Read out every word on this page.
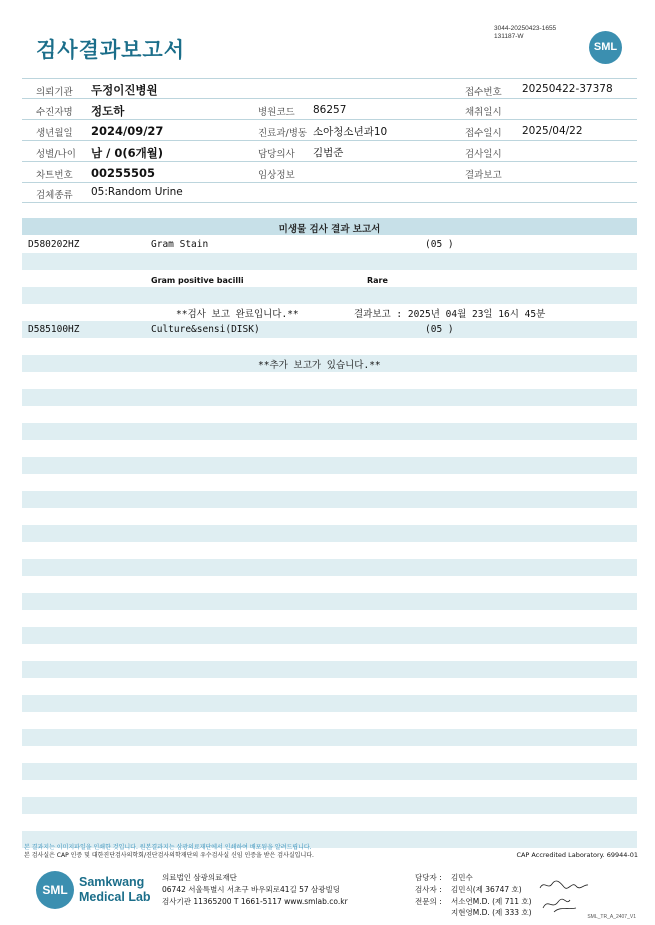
검사결과보고서
3044-20250423-1655
131187-W
SML
의뢰기관 두정이진병원	접수번호 20250422-37378
수진자명 정도하	병원코드 86257	채취일시
생년월일 2024/09/27	진료과/병동 소아청소년과10	접수일시 2025/04/22
성별/나이 남 / 0(6개월)	담당의사 김범준	검사일시
차트번호 00255505	임상정보	결과보고
검체종류 05:Random Urine
미생물 검사 결과 보고서
D580202HZ	Gram Stain	(05 )
Gram positive bacilli	Rare
**검사 보고 완료입니다.**	결과보고 : 2025년 04월 23일 16시 45분
D585100HZ	Culture&sensi(DISK)	(05 )
**추가 보고가 있습니다.**
본 결과지는 이미지파일을 인쇄한 것입니다. 원본결과지는 삼광의료재단에서 인쇄하여 배포됨을 알려드립니다.
본 검사실은 CAP 인증 및 대한진단검사의학회/진단검사의학재단의 우수검사실 신임 인증을 받은 검사실입니다.	CAP Accredited Laboratory. 69944-01
SML
Samkwang
Medical Lab
의료법인 삼광의료재단
06742 서울특별시 서초구 바우뫼로41길 57 삼광빌딩
검사기관 11365200 T 1661-5117 www.smlab.co.kr
담당자 : 김민수
검사자 : 김민식(제 36747 호)
전문의 : 서소연M.D. (제 711 호)
지현영M.D. (제 333 호)	SML_TR_A_2407_V1
